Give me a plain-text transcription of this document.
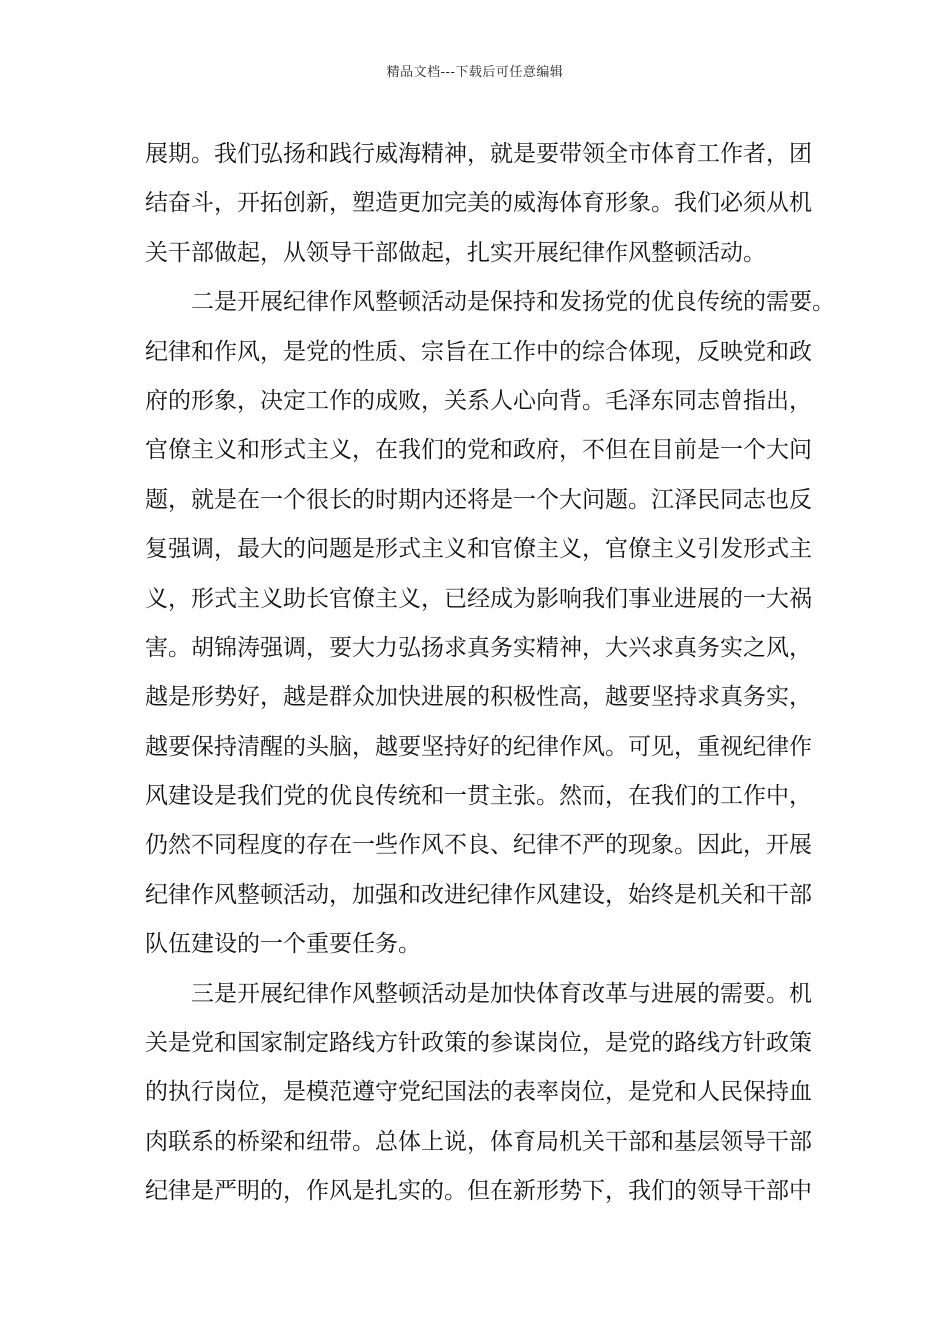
精品文档---下载后可任意编辑
展期。我们弘扬和践行威海精神，就是要带领全市体育工作者，团
结奋斗，开拓创新，塑造更加完美的威海体育形象。我们必须从机
关干部做起，从领导干部做起，扎实开展纪律作风整顿活动。
二是开展纪律作风整顿活动是保持和发扬党的优良传统的需要。
纪律和作风，是党的性质、宗旨在工作中的综合体现，反映党和政
府的形象，决定工作的成败，关系人心向背。毛泽东同志曾指出，
官僚主义和形式主义，在我们的党和政府，不但在目前是一个大问
题，就是在一个很长的时期内还将是一个大问题。江泽民同志也反
复强调，最大的问题是形式主义和官僚主义，官僚主义引发形式主
义，形式主义助长官僚主义，已经成为影响我们事业进展的一大祸
害。胡锦涛强调，要大力弘扬求真务实精神，大兴求真务实之风，
越是形势好，越是群众加快进展的积极性高，越要坚持求真务实，
越要保持清醒的头脑，越要坚持好的纪律作风。可见，重视纪律作
风建设是我们党的优良传统和一贯主张。然而，在我们的工作中，
仍然不同程度的存在一些作风不良、纪律不严的现象。因此，开展
纪律作风整顿活动，加强和改进纪律作风建设，始终是机关和干部
队伍建设的一个重要任务。
三是开展纪律作风整顿活动是加快体育改革与进展的需要。机
关是党和国家制定路线方针政策的参谋岗位，是党的路线方针政策
的执行岗位，是模范遵守党纪国法的表率岗位，是党和人民保持血
肉联系的桥梁和纽带。总体上说，体育局机关干部和基层领导干部
纪律是严明的，作风是扎实的。但在新形势下，我们的领导干部中
